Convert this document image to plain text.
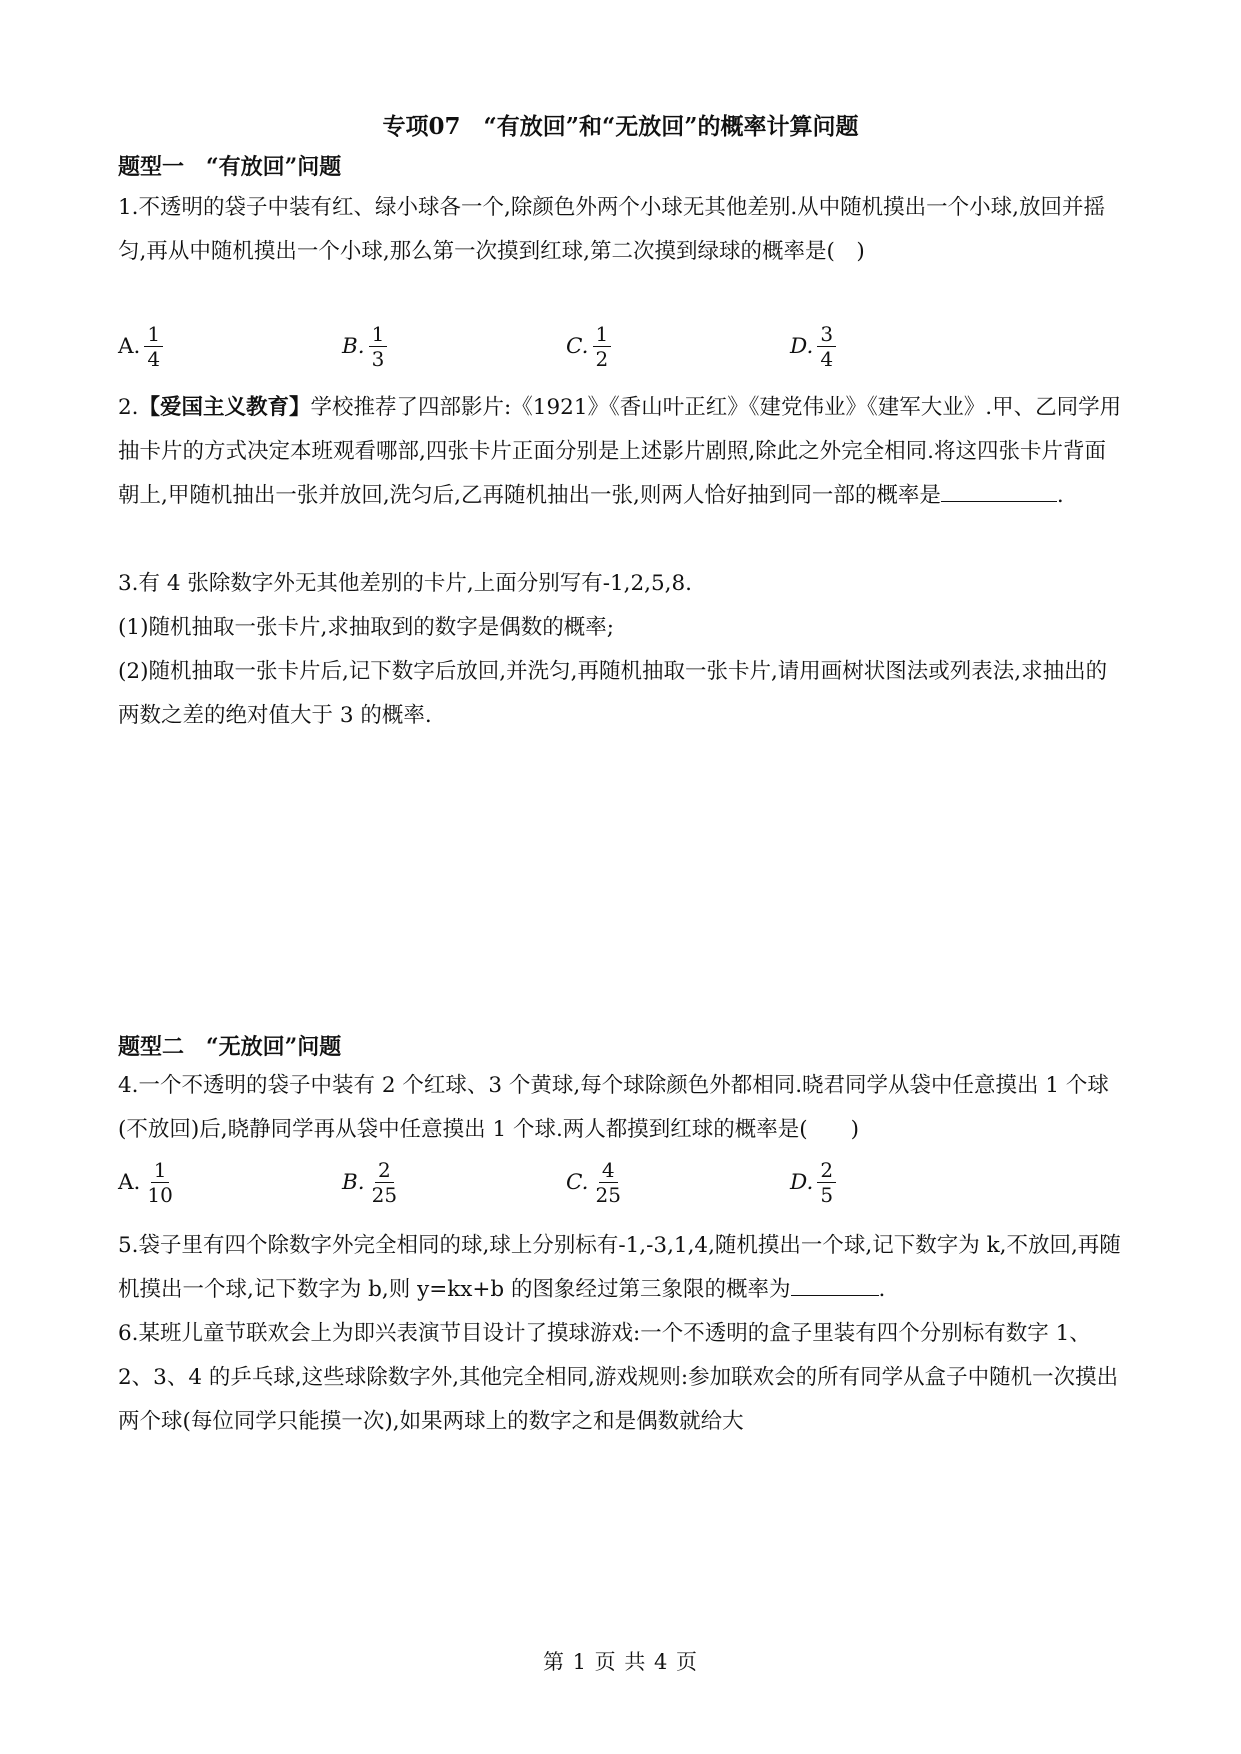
专项07　“有放回”和“无放回”的概率计算问题
题型一　“有放回”问题
1.不透明的袋子中装有红、绿小球各一个,除颜色外两个小球无其他差别.从中随机摸出一个小球,放回并摇匀,再从中随机摸出一个小球,那么第一次摸到红球,第二次摸到绿球的概率是(　)
A. $\frac{1}{4}$	B. $\frac{1}{3}$	C. $\frac{1}{2}$	D. $\frac{3}{4}$
2.【爱国主义教育】学校推荐了四部影片:《1921》《香山叶正红》《建党伟业》《建军大业》.甲、乙同学用抽卡片的方式决定本班观看哪部,四张卡片正面分别是上述影片剧照,除此之外完全相同.将这四张卡片背面朝上,甲随机抽出一张并放回,洗匀后,乙再随机抽出一张,则两人恰好抽到同一部的概率是	.
3.有 4 张除数字外无其他差别的卡片,上面分别写有-1,2,5,8.
(1)随机抽取一张卡片,求抽取到的数字是偶数的概率;
(2)随机抽取一张卡片后,记下数字后放回,并洗匀,再随机抽取一张卡片,请用画树状图法或列表法,求抽出的两数之差的绝对值大于 3 的概率.
题型二　“无放回”问题
4.一个不透明的袋子中装有 2 个红球、3 个黄球,每个球除颜色外都相同.晓君同学从袋中任意摸出 1 个球(不放回)后,晓静同学再从袋中任意摸出 1 个球.两人都摸到红球的概率是(　　)
A. $\frac{1}{10}$	B. $\frac{2}{25}$	C. $\frac{4}{25}$	D. $\frac{2}{5}$
5.袋子里有四个除数字外完全相同的球,球上分别标有-1,-3,1,4,随机摸出一个球,记下数字为 k,不放回,再随机摸出一个球,记下数字为 b,则 y=kx+b 的图象经过第三象限的概率为	.
6.某班儿童节联欢会上为即兴表演节目设计了摸球游戏:一个不透明的盒子里装有四个分别标有数字 1、2、3、4 的乒乓球,这些球除数字外,其他完全相同,游戏规则:参加联欢会的所有同学从盒子中随机一次摸出两个球(每位同学只能摸一次),如果两球上的数字之和是偶数就给大
第 1 页 共 4 页
